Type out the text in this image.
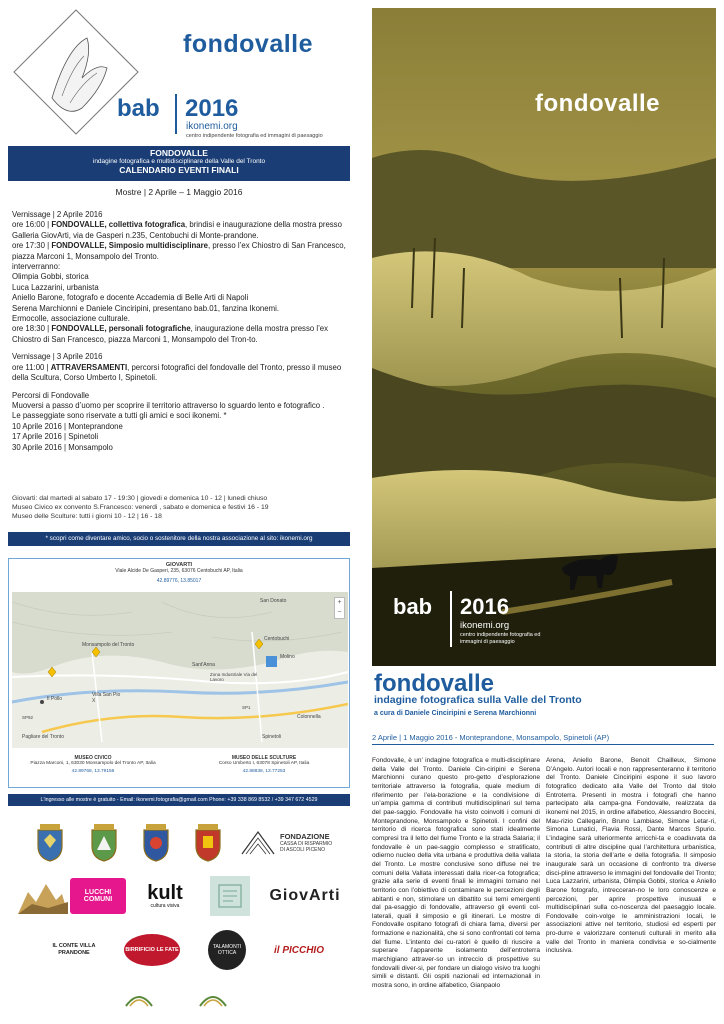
fondovalle
bab 2016
ikonemi.org
centro indipendente fotografia ed immagini di paesaggio
FONDOVALLE
indagine fotografica e multidisciplinare della Valle del Tronto
CALENDARIO EVENTI FINALI
Mostre | 2 Aprile – 1 Maggio 2016
Vernissage | 2 Aprile 2016
ore 16:00 | FONDOVALLE, collettiva fotografica, brindisi e inaugurazione della mostra presso Galleria GiovArti, via de Gasperi n.235, Centobuchi di Monte-prandone.
ore 17:30 | FONDOVALLE, Simposio multidisciplinare, presso l’ex Chiostro di San Francesco, piazza Marconi 1, Monsampolo del Tronto.
interverranno:
Olimpia Gobbi, storica
Luca Lazzarini, urbanista
Aniello Barone, fotografo e docente Accademia di Belle Arti di Napoli
Serena Marchionni e Daniele Cinciripini, presentano bab.01, fanzina Ikonemi.
Ermocolle, associazione culturale.
ore 18:30 | FONDOVALLE, personali fotografiche, inaugurazione della mostra presso l’ex Chiostro di San Francesco, piazza Marconi 1, Monsampolo del Tron-to.
Vernissage | 3 Aprile 2016
ore 11:00 | ATTRAVERSAMENTI, percorsi fotografici del fondovalle del Tronto, presso il museo della Scultura, Corso Umberto I, Spinetoli.
Percorsi di Fondovalle
Muoversi a passo d’uomo per scoprire il territorio attraverso lo sguardo lento e fotografico .
Le passeggiate sono riservate a tutti gli amici e soci ikonemi. *
10 Aprile 2016 | Monteprandone
17 Aprile 2016 | Spinetoli
30 Aprile 2016 | Monsampolo
Giovarti: dal martedi al sabato 17 - 19:30 | giovedi e domenica 10 - 12 | lunedi chiuso
Museo Civico ex convento S.Francesco: venerdi , sabato e domenica e festivi 16 - 19
Museo delle Sculture: tutti i giorni 10 - 12 | 16 - 18
* scopri come diventare amico, socio o sostenitore della nostra associazione al sito: ikonemi.org
GIOVARTI
Viale Alcide De Gasperi, 235, 63076 Centobuchi AP, Italia
42.89776, 13.85017
San Donato
Monsampolo del Tronto
Centobuchi
Molino
Sant'Anna
Zona Industriale Via del Lavoro
Villa San Pio X
Colonnella
Pagliare del Tronto	Spinetoli
Il Pollo
SP1
SP92
+
−
MUSEO CIVICO
Piazza Marconi, 1, 63030 Monsampolo del Tronto AP, Italia
42.89768, 13.79156
MUSEO DELLE SCULTURE
Corso Umberto I, 63078 Spinetoli AP, Italia
42.88838, 13.77253
L'ingresso alle mostre è gratuito - Email: ikonemi.fotografia@gmail.com Phone: +39 338 869 8532 / +39 347 672 4529
FONDAZIONE
CASSA DI RISPARMIO
DI ASCOLI PICENO
LUCCHI COMUNI	kult
cultura visiva
GiovArti
IL CONTE VILLA PRANDONE
BIRRIFICIO LE FATE	TALAMONTI OTTICA	il PICCHIO
fondovalle
bab 2016
ikonemi.org
centro indipendente fotografia ed immagini di paesaggio
fondovalle
indagine fotografica sulla Valle del Tronto
a cura di Daniele Cinciripini e Serena Marchionni
2 Aprile | 1 Maggio 2016 - Monteprandone, Monsampolo, Spinetoli (AP)
Fondovalle, è un’ indagine fotografica e multi-disciplinare della Valle del Tronto. Daniele Cin-ciripini e Serena Marchionni curano questo pro-getto d’esplorazione territoriale attraverso la fotografia, quale medium di riferimento per l’ela-borazione e la condivisione di un’ampia gamma di contributi multidisciplinari sul tema del pae-saggio. Fondovalle ha visto coinvolti i comuni di Monteprandone, Monsampolo e Spinetoli. I confini del territorio di ricerca fotografica sono stati idealmente compresi tra il letto del fiume Tronto e la strada Salaria; il fondovalle è un pae-saggio complesso e stratificato, odierno nucleo della vita urbana e produttiva della vallata del Tronto. Le mostre conclusive sono diffuse nei tre comuni della Vallata interessati dalla ricer-ca fotografica; grazie alla serie di eventi finali le immagini tornano nel territorio con l’obiettivo di contaminare le percezioni degli abitanti e non, stimolare un dibattito sui temi emergenti dal pa-esaggio di fondovalle, attraverso gli eventi col-laterali, quali il simposio e gli itinerari. Le mostre di Fondovalle ospitano fotografi di chiara fama, diversi per formazione e nazionalità, che si sono confrontati col tema del fiume. L’intento dei cu-ratori è quello di riuscire a superare l’apparente isolamento dell’entroterra marchigiano attraver-so un intreccio di prospettive su fondovalli diver-si, per fondare un dialogo visivo tra luoghi simili e distanti. Gli ospiti nazionali ed internazionali in mostra sono, in ordine alfabetico, Gianpaolo
Arena, Aniello Barone, Benoit Chailleux, Simone D’Angelo. Autori locali e non rappresenteranno il territorio del Tronto. Daniele Cinciripini espone il suo lavoro fotografico dedicato alla Valle del Tronto dal titolo Entroterra. Presenti in mostra i fotografi che hanno partecipato alla campa-gna Fondovalle, realizzata da ikonemi nel 2015, in ordine alfabetico, Alessandro Boccini, Mau-rizio Callegarin, Bruno Lambiase, Simone Letar-ri, Simona Lunatici, Flavia Rossi, Dante Marcos Spurio. L’indagine sarà ulteriormente arricchi-ta e coadiuvata da contributi di altre discipline qual l’architettura urbanistica, la storia, la storia dell’arte e della fotografia. Il simposio inaugurale sarà un occasione di confronto tra diverse disci-pline attraverso le immagini del fondovalle del Tronto; Luca Lazzarini, urbanista, Olimpia Gobbi, storica e Aniello Barone fotografo, intrecceran-no le loro conoscenze e percezioni, per aprire prospettive inusuali e multidisciplinari sulla co-noscenza del paesaggio locale. Fondovalle coin-volge le amministrazioni locali, le associazioni attive nel territorio, studiosi ed esperti per pro-durre e valorizzare contenuti culturali in merito alla valle del Tronto in maniera condivisa e so-cialmente inclusiva.
